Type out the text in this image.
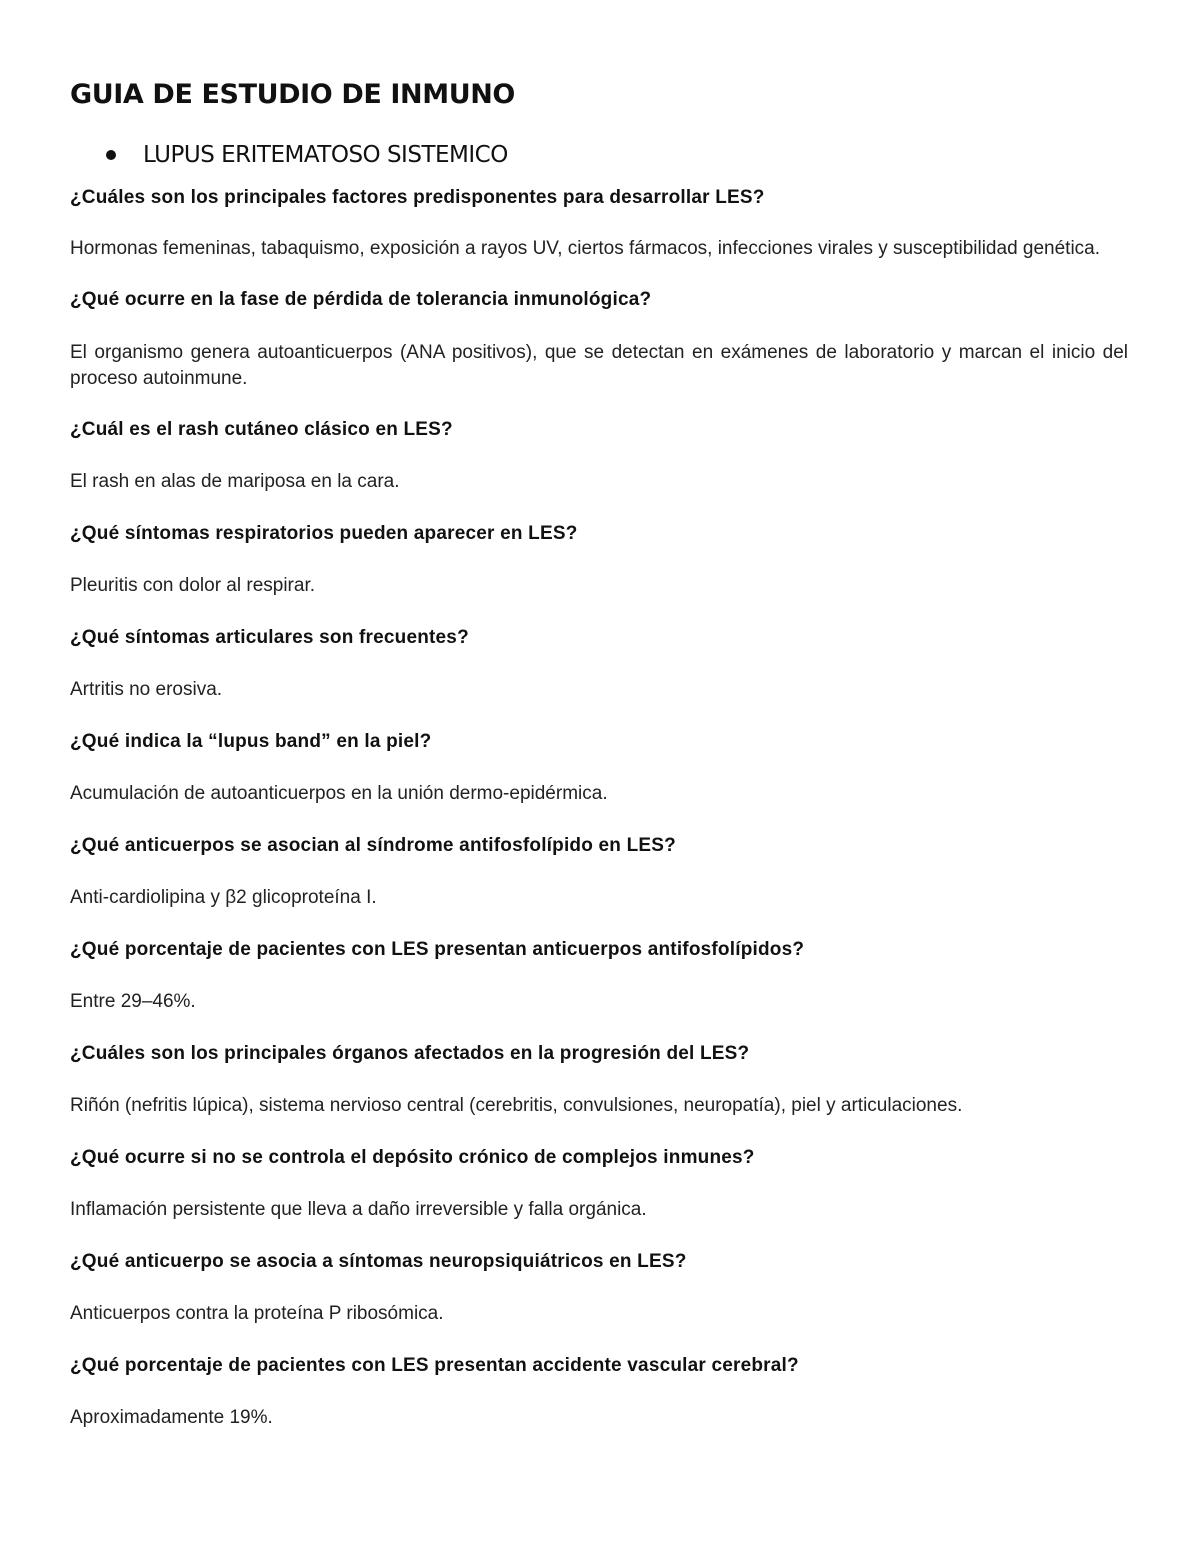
GUIA DE ESTUDIO DE INMUNO
LUPUS ERITEMATOSO SISTEMICO

¿Cuáles son los principales factores predisponentes para desarrollar LES?

Hormonas femeninas, tabaquismo, exposición a rayos UV, ciertos fármacos, infecciones virales y susceptibilidad genética.

¿Qué ocurre en la fase de pérdida de tolerancia inmunológica?

El organismo genera autoanticuerpos (ANA positivos), que se detectan en exámenes de laboratorio y marcan el inicio del proceso autoinmune.

¿Cuál es el rash cutáneo clásico en LES?

El rash en alas de mariposa en la cara.

¿Qué síntomas respiratorios pueden aparecer en LES?

Pleuritis con dolor al respirar.

¿Qué síntomas articulares son frecuentes?

Artritis no erosiva.

¿Qué indica la “lupus band” en la piel?

Acumulación de autoanticuerpos en la unión dermo-epidérmica.

¿Qué anticuerpos se asocian al síndrome antifosfolípido en LES?

Anti-cardiolipina y β2 glicoproteína I.

¿Qué porcentaje de pacientes con LES presentan anticuerpos antifosfolípidos?

Entre 29–46%.

¿Cuáles son los principales órganos afectados en la progresión del LES?

Riñón (nefritis lúpica), sistema nervioso central (cerebritis, convulsiones, neuropatía), piel y articulaciones.

¿Qué ocurre si no se controla el depósito crónico de complejos inmunes?

Inflamación persistente que lleva a daño irreversible y falla orgánica.

¿Qué anticuerpo se asocia a síntomas neuropsiquiátricos en LES?

Anticuerpos contra la proteína P ribosómica.

¿Qué porcentaje de pacientes con LES presentan accidente vascular cerebral?

Aproximadamente 19%.
